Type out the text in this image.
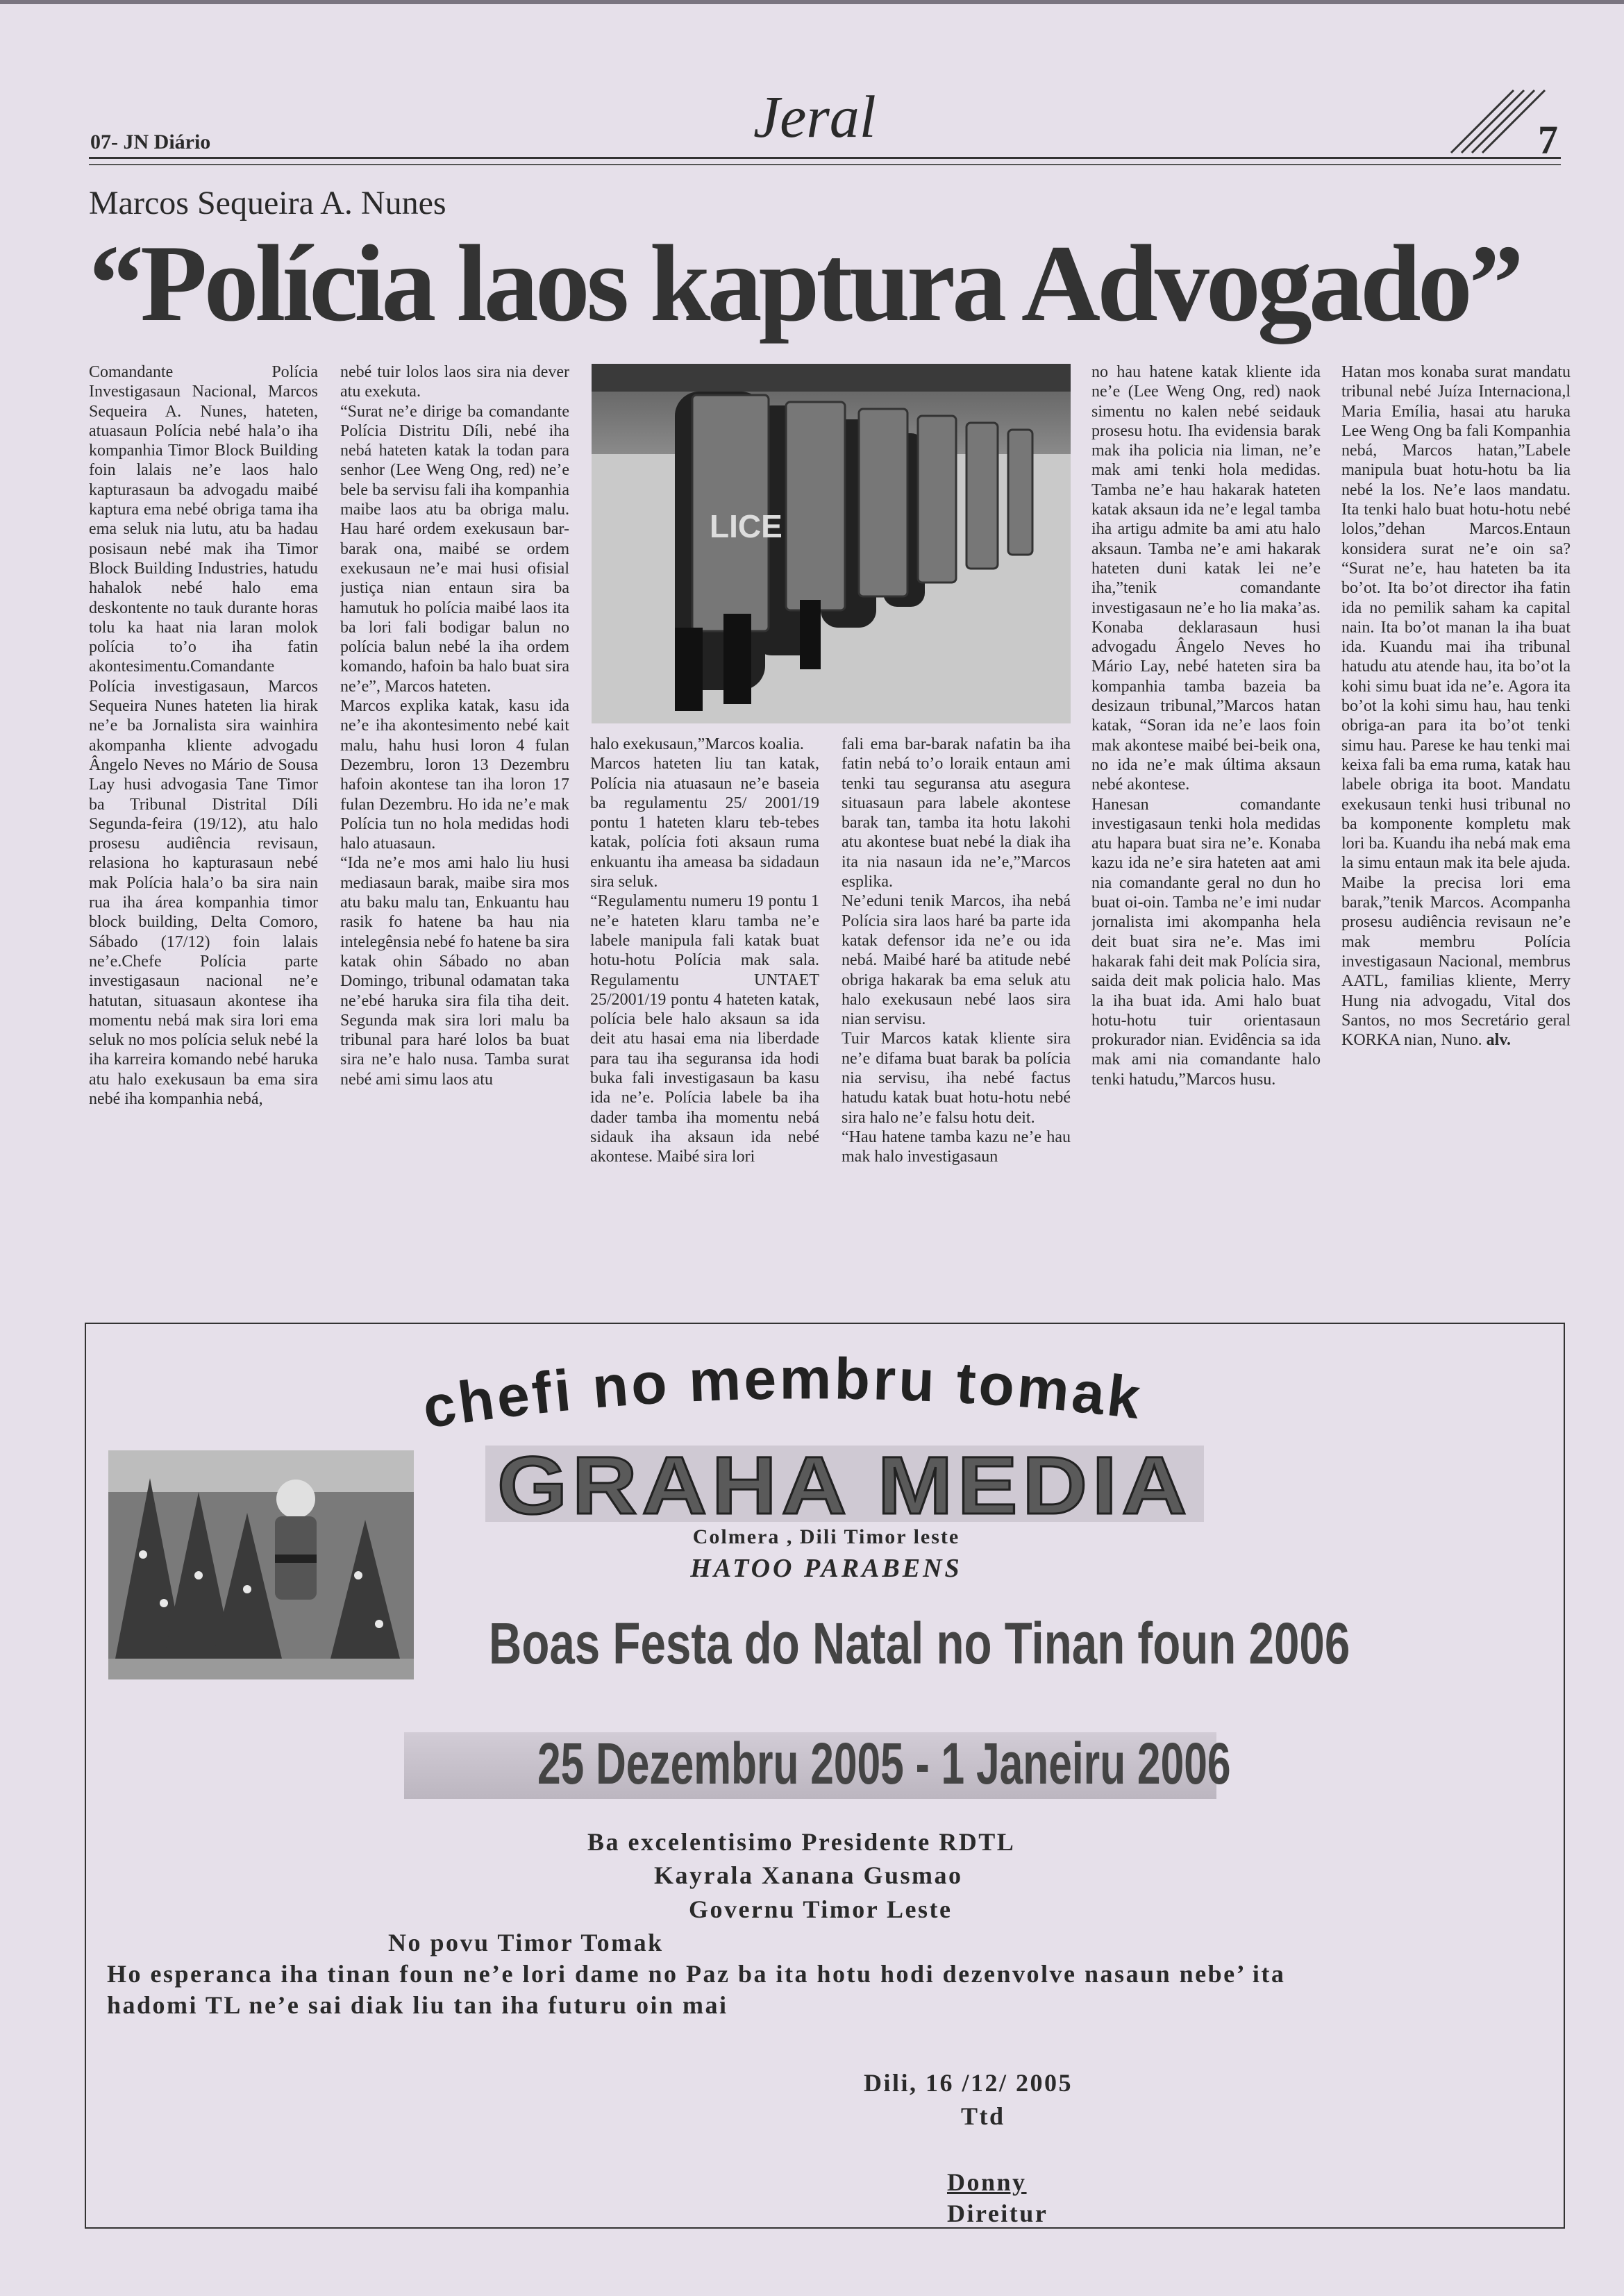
07- JN Diário	Jeral	7
Marcos Sequeira A. Nunes
“Polícia laos kaptura Advogado”

Comandante Polícia Investigasaun Nacional, Marcos Sequeira A. Nunes, hateten, atuasaun Polícia nebé hala’o iha kompanhia Timor Block Building foin lalais ne’e laos halo kapturasaun ba advogadu maibé kaptura ema nebé obriga tama iha ema seluk nia lutu, atu ba hadau posisaun nebé mak iha Timor Block Building Industries, hatudu hahalok nebé halo ema deskontente no tauk durante horas tolu ka haat nia laran molok polícia to’o iha fatin akontesimentu.Comandante Polícia investigasaun, Marcos Sequeira Nunes hateten lia hirak ne’e ba Jornalista sira wainhira akompanha kliente advogadu Ângelo Neves no Mário de Sousa Lay husi advogasia Tane Timor ba Tribunal Distrital Díli Segunda-feira (19/12), atu halo prosesu audiência revisaun, relasiona ho kapturasaun nebé mak Polícia hala’o ba sira nain rua iha área kompanhia timor block building, Delta Comoro, Sábado (17/12) foin lalais ne’e.Chefe Polícia parte investigasaun nacional ne’e hatutan, situasaun akontese iha momentu nebá mak sira lori ema seluk no mos polícia seluk nebé la iha karreira komando nebé haruka atu halo exekusaun ba ema sira nebé iha kompanhia nebá,

nebé tuir lolos laos sira nia dever atu exekuta.
“Surat ne’e dirige ba comandante Polícia Distritu Díli, nebé iha nebá hateten katak la todan para senhor (Lee Weng Ong, red) ne’e bele ba servisu fali iha kompanhia maibe laos atu ba obriga malu. Hau haré ordem exekusaun bar-barak ona, maibé se ordem exekusaun ne’e mai husi ofisial justiça nian entaun sira ba hamutuk ho polícia maibé laos ita ba lori fali bodigar balun no polícia balun nebé la iha ordem komando, hafoin ba halo buat sira ne’e”, Marcos hateten.
Marcos explika katak, kasu ida ne’e iha akontesimento nebé kait malu, hahu husi loron 4 fulan Dezembru, loron 13 Dezembru hafoin akontese tan iha loron 17 fulan Dezembru. Ho ida ne’e mak Polícia tun no hola medidas hodi halo atuasaun.
“Ida ne’e mos ami halo liu husi mediasaun barak, maibe sira mos atu baku malu tan, Enkuantu hau rasik fo hatene ba hau nia intelegênsia nebé fo hatene ba sira katak ohin Sábado no aban Domingo, tribunal odamatan taka ne’ebé haruka sira fila tiha deit. Segunda mak sira lori malu ba tribunal para haré lolos ba buat sira ne’e halo nusa. Tamba surat nebé ami simu laos atu

LICE

halo exekusaun,”Marcos koalia.
Marcos hateten liu tan katak, Polícia nia atuasaun ne’e baseia ba regulamentu 25/ 2001/19 pontu 1 hateten klaru teb-tebes katak, polícia foti aksaun ruma enkuantu iha ameasa ba sidadaun sira seluk.
“Regulamentu numeru 19 pontu 1 ne’e hateten klaru tamba ne’e labele manipula fali katak buat hotu-hotu Polícia mak sala. Regulamentu UNTAET 25/2001/19 pontu 4 hateten katak, polícia bele halo aksaun sa ida deit atu hasai ema nia liberdade para tau iha seguransa ida hodi buka fali investigasaun ba kasu ida ne’e. Polícia labele ba iha dader tamba iha momentu nebá sidauk iha aksaun ida nebé akontese. Maibé sira lori

fali ema bar-barak nafatin ba iha fatin nebá to’o loraik entaun ami tenki tau seguransa atu asegura situasaun para labele akontese barak tan, tamba ita hotu lakohi atu akontese buat nebé la diak iha ita nia nasaun ida ne’e,”Marcos esplika.
Ne’eduni tenik Marcos, iha nebá Polícia sira laos haré ba parte ida katak defensor ida ne’e ou ida nebá. Maibé haré ba atitude nebé obriga hakarak ba ema seluk atu halo exekusaun nebé laos sira nian servisu.
Tuir Marcos katak kliente sira ne’e difama buat barak ba polícia nia servisu, iha nebé factus hatudu katak buat hotu-hotu nebé sira halo ne’e falsu hotu deit.
“Hau hatene tamba kazu ne’e hau mak halo investigasaun

no hau hatene katak kliente ida ne’e (Lee Weng Ong, red) naok simentu no kalen nebé seidauk prosesu hotu. Iha evidensia barak mak iha policia nia liman, ne’e mak ami tenki hola medidas. Tamba ne’e hau hakarak hateten katak aksaun ida ne’e legal tamba iha artigu admite ba ami atu halo aksaun. Tamba ne’e ami hakarak hateten duni katak lei ne’e iha,”tenik comandante investigasaun ne’e ho lia maka’as.
Konaba deklarasaun husi advogadu Ângelo Neves ho Mário Lay, nebé hateten sira ba kompanhia tamba bazeia ba desizaun tribunal,”Marcos hatan katak, “Soran ida ne’e laos foin mak akontese maibé bei-beik ona, no ida ne’e mak última aksaun nebé akontese.
Hanesan comandante investigasaun tenki hola medidas atu hapara buat sira ne’e. Konaba kazu ida ne’e sira hateten aat ami nia comandante geral no dun ho buat oi-oin. Tamba ne’e imi nudar jornalista imi akompanha hela deit buat sira ne’e. Mas imi hakarak fahi deit mak Polícia sira, saida deit mak policia halo. Mas la iha buat ida. Ami halo buat hotu-hotu tuir orientasaun prokurador nian. Evidência sa ida mak ami nia comandante halo tenki hatudu,”Marcos husu.

Hatan mos konaba surat mandatu tribunal nebé Juíza Internaciona,l Maria Emília, hasai atu haruka Lee Weng Ong ba fali Kompanhia nebá, Marcos hatan,”Labele manipula buat hotu-hotu ba lia nebé la los. Ne’e laos mandatu. Ita tenki halo buat hotu-hotu nebé lolos,”dehan Marcos.Entaun konsidera surat ne’e oin sa? “Surat ne’e, hau hateten ba ita bo’ot. Ita bo’ot director iha fatin ida no pemilik saham ka capital nain. Ita bo’ot manan la iha buat ida. Kuandu mai iha tribunal hatudu atu atende hau, ita bo’ot la kohi simu buat ida ne’e. Agora ita bo’ot la kohi simu hau, hau tenki obriga-an para ita bo’ot tenki simu hau. Parese ke hau tenki mai keixa fali ba ema ruma, katak hau labele obriga ita boot. Mandatu exekusaun tenki husi tribunal no ba komponente kompletu mak lori ba. Kuandu iha nebá mak ema la simu entaun mak ita bele ajuda. Maibe la precisa lori ema barak,”tenik Marcos. Acompanha prosesu audiência revisaun ne’e mak membru Polícia investigasaun Nacional, membrus AATL, familias kliente, Merry Hung nia advogadu, Vital dos Santos, no mos Secretário geral KORKA nian, Nuno. alv.

chefi no membru tomak
GRAHA MEDIA
Colmera , Dili Timor leste
HATOO PARABENS
Boas Festa do Natal no Tinan foun 2006
25 Dezembru 2005 - 1 Janeiru 2006
Ba excelentisimo Presidente RDTL
Kayrala Xanana Gusmao
Governu Timor Leste
No povu Timor Tomak
Ho esperanca iha tinan foun ne’e lori dame no Paz ba ita hotu hodi dezenvolve nasaun nebe’ ita
hadomi TL ne’e sai diak liu tan iha futuru oin mai
Dili, 16 /12/ 2005
Ttd
Donny
Direitur
